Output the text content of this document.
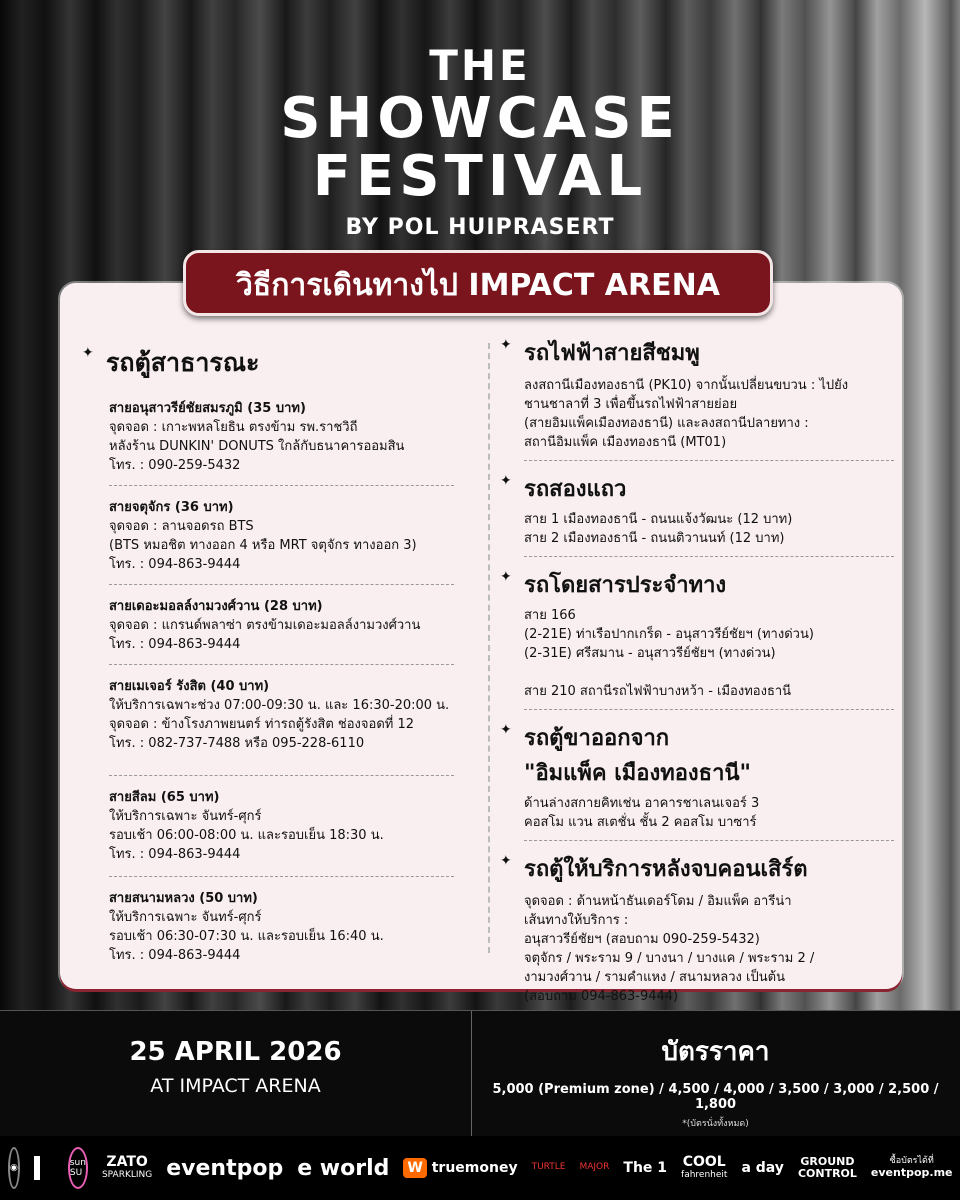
THE
SHOWCASE
FESTIVAL
BY POL HUIPRASERT
วิธีการเดินทางไป IMPACT ARENA
✦ รถตู้สาธารณะ
สายอนุสาวรีย์ชัยสมรภูมิ (35 บาท)
จุดจอด : เกาะพหลโยธิน ตรงข้าม รพ.ราชวิถี
หลังร้าน DUNKIN' DONUTS ใกล้กับธนาคารออมสิน
โทร. : 090-259-5432
สายจตุจักร (36 บาท)
จุดจอด : ลานจอดรถ BTS
(BTS หมอชิต ทางออก 4 หรือ MRT จตุจักร ทางออก 3)
โทร. : 094-863-9444
สายเดอะมอลล์งามวงศ์วาน (28 บาท)
จุดจอด : แกรนด์พลาซ่า ตรงข้ามเดอะมอลล์งามวงศ์วาน
โทร. : 094-863-9444
สายเมเจอร์ รังสิต (40 บาท)
ให้บริการเฉพาะช่วง 07:00-09:30 น. และ 16:30-20:00 น.
จุดจอด : ข้างโรงภาพยนตร์ ท่ารถตู้รังสิต ช่องจอดที่ 12
โทร. : 082-737-7488 หรือ 095-228-6110
สายสีลม (65 บาท)
ให้บริการเฉพาะ จันทร์-ศุกร์
รอบเช้า 06:00-08:00 น. และรอบเย็น 18:30 น.
โทร. : 094-863-9444
สายสนามหลวง (50 บาท)
ให้บริการเฉพาะ จันทร์-ศุกร์
รอบเช้า 06:30-07:30 น. และรอบเย็น 16:40 น.
โทร. : 094-863-9444
✦ รถไฟฟ้าสายสีชมพู
ลงสถานีเมืองทองธานี (PK10) จากนั้นเปลี่ยนขบวน : ไปยัง
ชานชาลาที่ 3 เพื่อขึ้นรถไฟฟ้าสายย่อย
(สายอิมแพ็คเมืองทองธานี) และลงสถานีปลายทาง :
สถานีอิมแพ็ค เมืองทองธานี (MT01)
✦ รถสองแถว
สาย 1 เมืองทองธานี - ถนนแจ้งวัฒนะ (12 บาท)
สาย 2 เมืองทองธานี - ถนนติวานนท์ (12 บาท)
✦ รถโดยสารประจำทาง
สาย 166
(2-21E) ท่าเรือปากเกร็ด - อนุสาวรีย์ชัยฯ (ทางด่วน)
(2-31E) ศรีสมาน - อนุสาวรีย์ชัยฯ (ทางด่วน)
สาย 210 สถานีรถไฟฟ้าบางหว้า - เมืองทองธานี
✦ รถตู้ขาออกจาก
"อิมแพ็ค เมืองทองธานี"
ด้านล่างสกายคิทเช่น อาคารชาเลนเจอร์ 3
คอสโม แวน สเตชั่น ชั้น 2 คอสโม บาซาร์
✦ รถตู้ให้บริการหลังจบคอนเสิร์ต
จุดจอด : ด้านหน้าธันเดอร์โดม / อิมแพ็ค อารีน่า
เส้นทางให้บริการ :
อนุสาวรีย์ชัยฯ (สอบถาม 090-259-5432)
จตุจักร / พระราม 9 / บางนา / บางแค / พระราม 2 /
งามวงศ์วาน / รามคำแหง / สนามหลวง เป็นต้น
(สอบถาม 094-863-9444)
25 APRIL 2026
AT IMPACT ARENA
บัตรราคา
5,000 (Premium zone) / 4,500 / 4,000 / 3,500 / 3,000 / 2,500 / 1,800
*(บัตรนั่งทั้งหมด)
◉	sun SU
ZATO
SPARKLING eventpop e world W truemoney TURTLE MAJOR The 1 COOL
fahrenheit a day GROUND
CONTROL
ซื้อบัตรได้ที่
eventpop.me
